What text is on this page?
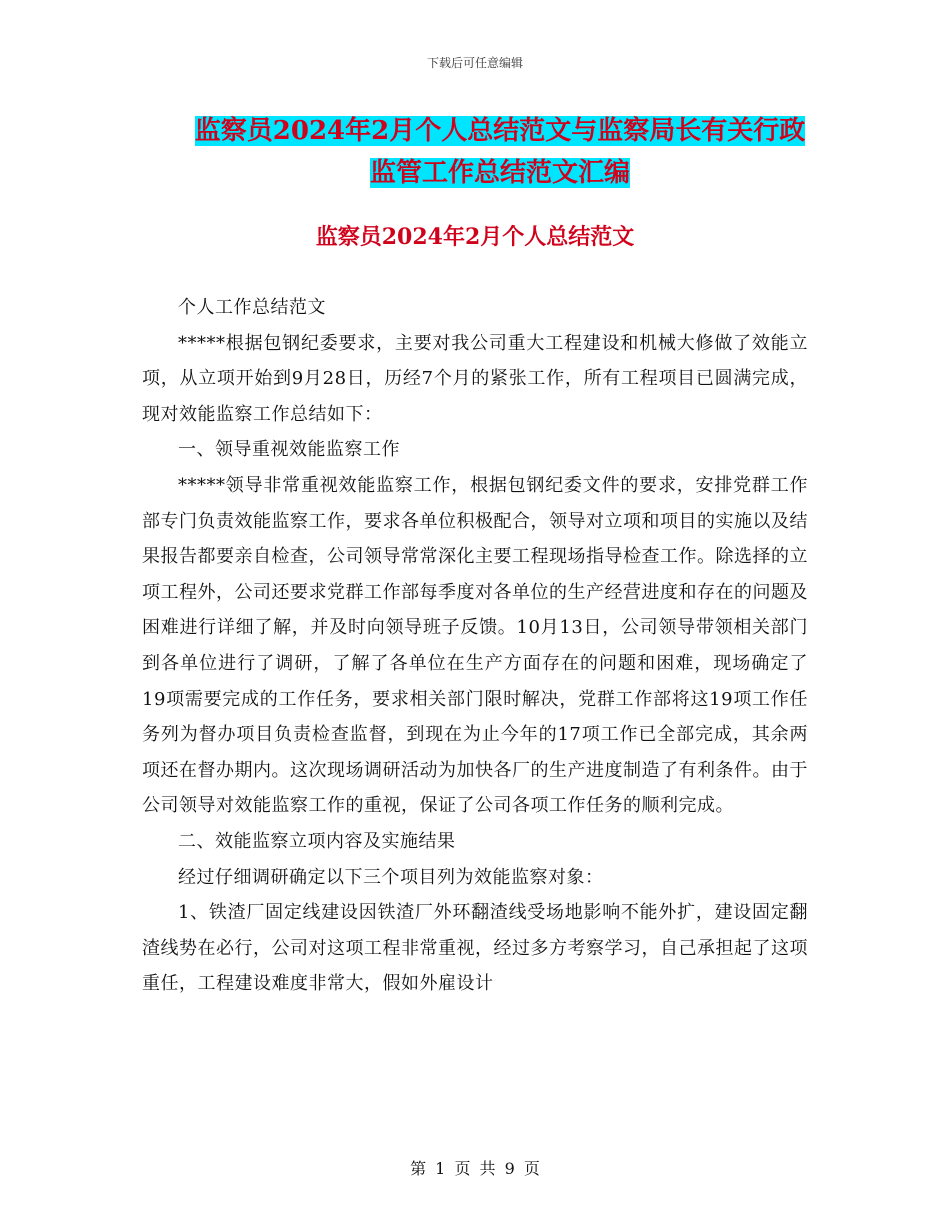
下载后可任意编辑
监察员2024年2月个人总结范文与监察局长有关行政
监管工作总结范文汇编
监察员2024年2月个人总结范文

个人工作总结范文

*****根据包钢纪委要求，主要对我公司重大工程建设和机械大修做了效能立项，从立项开始到9月28日，历经7个月的紧张工作，所有工程项目已圆满完成，现对效能监察工作总结如下：

一、领导重视效能监察工作

*****领导非常重视效能监察工作，根据包钢纪委文件的要求，安排党群工作部专门负责效能监察工作，要求各单位积极配合，领导对立项和项目的实施以及结果报告都要亲自检查，公司领导常常深化主要工程现场指导检查工作。除选择的立项工程外，公司还要求党群工作部每季度对各单位的生产经营进度和存在的问题及困难进行详细了解，并及时向领导班子反馈。10月13日，公司领导带领相关部门到各单位进行了调研，了解了各单位在生产方面存在的问题和困难，现场确定了19项需要完成的工作任务，要求相关部门限时解决，党群工作部将这19项工作任务列为督办项目负责检查监督，到现在为止今年的17项工作已全部完成，其余两项还在督办期内。这次现场调研活动为加快各厂的生产进度制造了有利条件。由于公司领导对效能监察工作的重视，保证了公司各项工作任务的顺利完成。

二、效能监察立项内容及实施结果

经过仔细调研确定以下三个项目列为效能监察对象：

1、铁渣厂固定线建设因铁渣厂外环翻渣线受场地影响不能外扩，建设固定翻渣线势在必行，公司对这项工程非常重视，经过多方考察学习，自己承担起了这项重任，工程建设难度非常大，假如外雇设计

第 1 页 共 9 页
